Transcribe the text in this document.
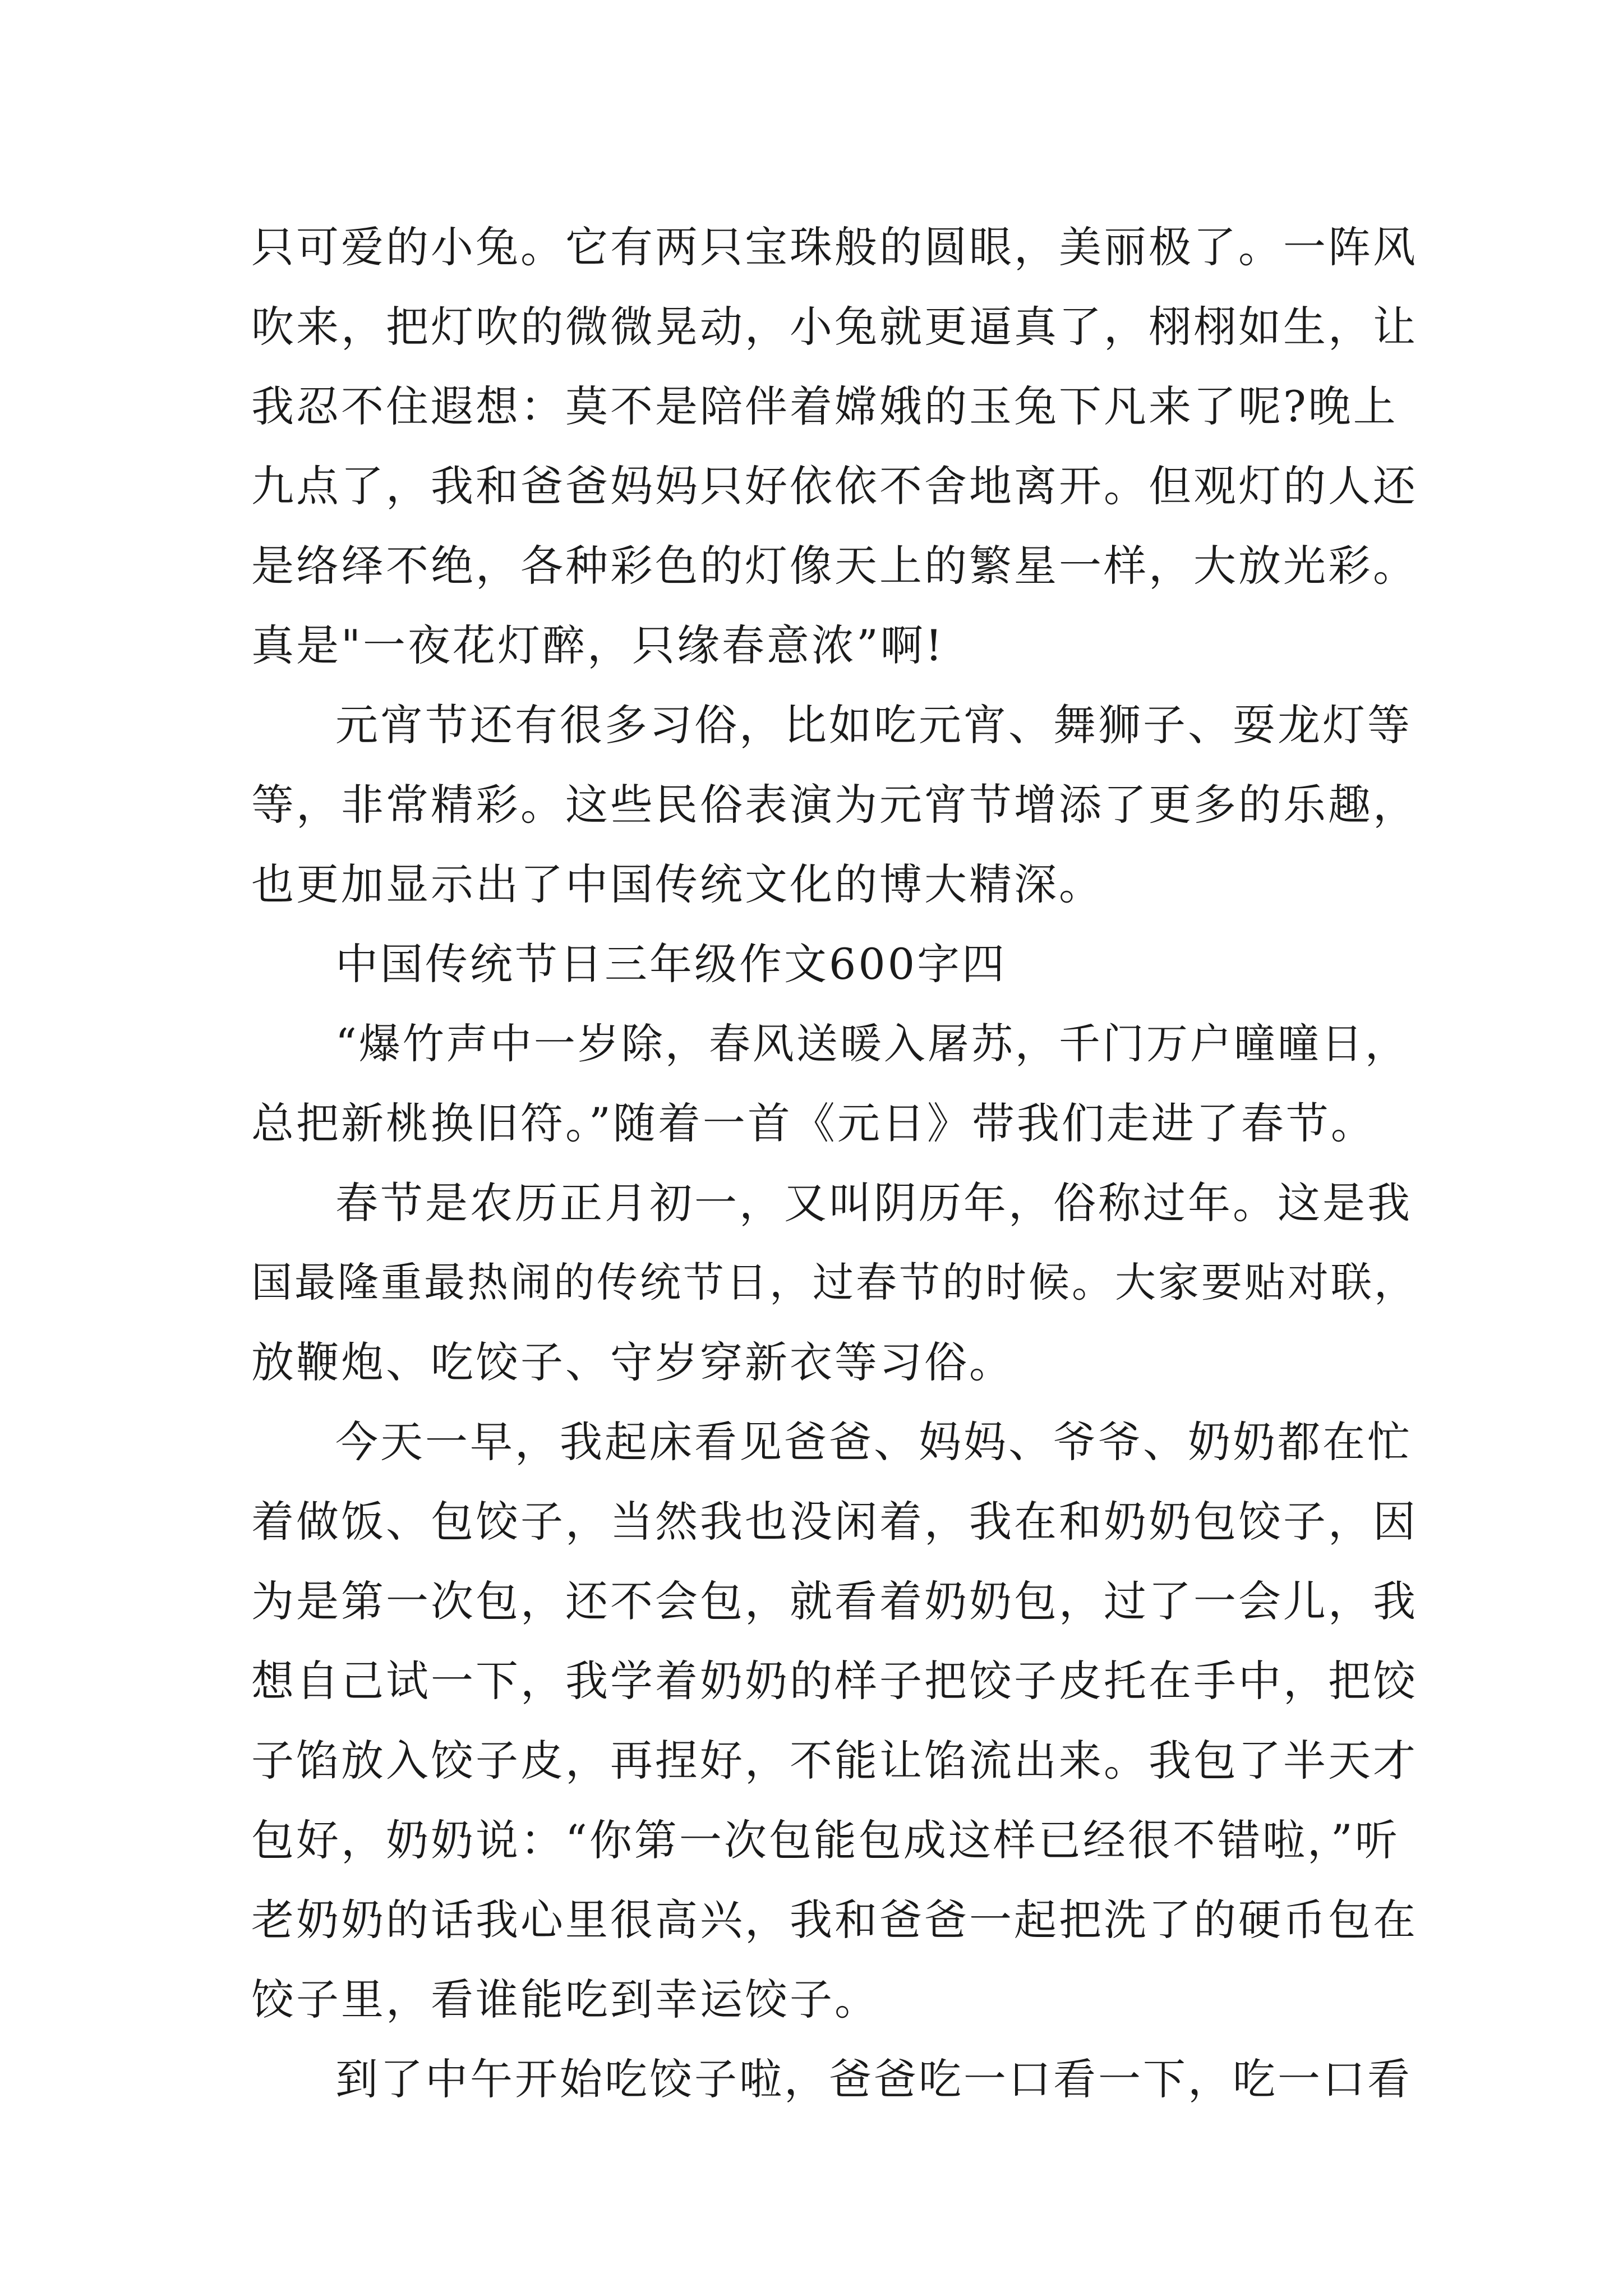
只可爱的小兔。它有两只宝珠般的圆眼，美丽极了。一阵风
吹来，把灯吹的微微晃动，小兔就更逼真了，栩栩如生，让
我忍不住遐想：莫不是陪伴着嫦娥的玉兔下凡来了呢?晚上
九点了，我和爸爸妈妈只好依依不舍地离开。但观灯的人还
是络绎不绝，各种彩色的灯像天上的繁星一样，大放光彩。
真是"一夜花灯醉，只缘春意浓”啊!
元宵节还有很多习俗，比如吃元宵、舞狮子、耍龙灯等
等，非常精彩。这些民俗表演为元宵节增添了更多的乐趣，
也更加显示出了中国传统文化的博大精深。
中国传统节日三年级作文600字四
“爆竹声中一岁除，春风送暖入屠苏，千门万户曈曈日，
总把新桃换旧符。”随着一首《元日》带我们走进了春节。
春节是农历正月初一，又叫阴历年，俗称过年。这是我
国最隆重最热闹的传统节日，过春节的时候。大家要贴对联，
放鞭炮、吃饺子、守岁穿新衣等习俗。
今天一早，我起床看见爸爸、妈妈、爷爷、奶奶都在忙
着做饭、包饺子，当然我也没闲着，我在和奶奶包饺子，因
为是第一次包，还不会包，就看着奶奶包，过了一会儿，我
想自己试一下，我学着奶奶的样子把饺子皮托在手中，把饺
子馅放入饺子皮，再捏好，不能让馅流出来。我包了半天才
包好，奶奶说：“你第一次包能包成这样已经很不错啦，”听
老奶奶的话我心里很高兴，我和爸爸一起把洗了的硬币包在
饺子里，看谁能吃到幸运饺子。
到了中午开始吃饺子啦，爸爸吃一口看一下，吃一口看
